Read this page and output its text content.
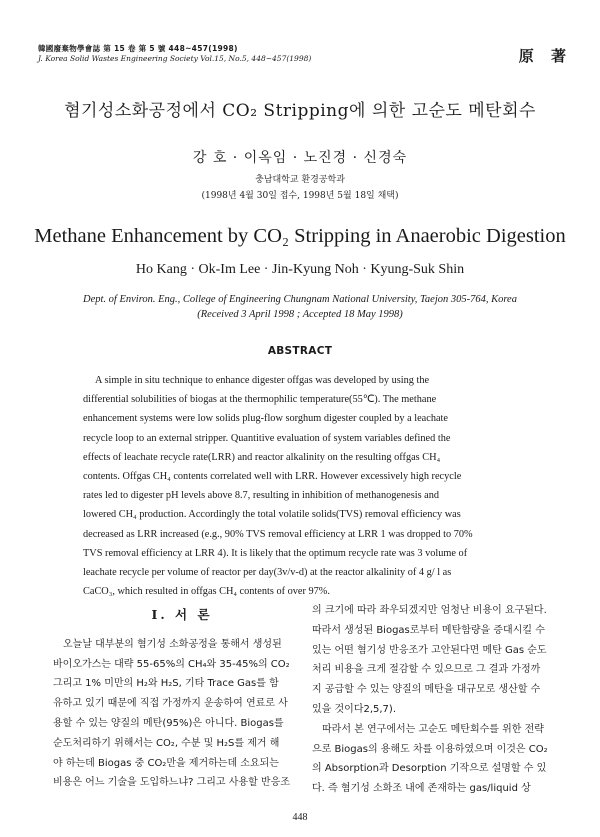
韓國廢棄物學會誌 第 15 卷 第 5 號 448~457(1998)
J. Korea Solid Wastes Engineering Society Vol.15, No.5, 448~457(1998)	原 著
혐기성소화공정에서 CO₂ Stripping에 의한 고순도 메탄회수
강 호 · 이옥임 · 노진경 · 신경숙
충남대학교 환경공학과
(1998년 4월 30일 접수, 1998년 5월 18일 채택)
Methane Enhancement by CO₂ Stripping in Anaerobic Digestion
Ho Kang · Ok-Im Lee · Jin-Kyung Noh · Kyung-Suk Shin
Dept. of Environ. Eng., College of Engineering Chungnam National University, Taejon 305-764, Korea
(Received 3 April 1998 ; Accepted 18 May 1998)
ABSTRACT
A simple in situ technique to enhance digester offgas was developed by using the
differential solubilities of biogas at the thermophilic temperature(55℃). The methane
enhancement systems were low solids plug-flow sorghum digester coupled by a leachate
recycle loop to an external stripper. Quantitive evaluation of system variables defined the
effects of leachate recycle rate(LRR) and reactor alkalinity on the resulting offgas CH₄
contents. Offgas CH₄ contents correlated well with LRR. However excessively high recycle
rates led to digester pH levels above 8.7, resulting in inhibition of methanogenesis and
lowered CH₄ production. Accordingly the total volatile solids(TVS) removal efficiency was
decreased as LRR increased (e.g., 90% TVS removal efficiency at LRR 1 was dropped to 70%
TVS removal efficiency at LRR 4). It is likely that the optimum recycle rate was 3 volume of
leachate recycle per volume of reactor per day(3v/v-d) at the reactor alkalinity of 4 g/ l as
CaCO₃, which resulted in offgas CH₄ contents of over 97%.
Ⅰ. 서 론
오늘날 대부분의 혐기성 소화공정을 통해서 생성된
바이오가스는 대략 55-65%의 CH₄와 35-45%의 CO₂
그리고 1% 미만의 H₂와 H₂S, 기타 Trace Gas를 함
유하고 있기 때문에 직접 가정까지 운송하여 연료로 사
용할 수 있는 양질의 메탄(95%)은 아니다. Biogas를
순도처리하기 위해서는 CO₂, 수분 및 H₂S를 제거 해
야 하는데 Biogas 중 CO₂만을 제거하는데 소요되는
비용은 어느 기술을 도입하느냐? 그리고 사용할 반응조
의 크기에 따라 좌우되겠지만 엄청난 비용이 요구된다.
따라서 생성된 Biogas로부터 메탄함량을 증대시킬 수
있는 어떤 혐기성 반응조가 고안된다면 메탄 Gas 순도
처리 비용을 크게 절감할 수 있으므로 그 결과 가정까
지 공급할 수 있는 양질의 메탄을 대규모로 생산할 수
있을 것이다2,5,7).
따라서 본 연구에서는 고순도 메탄회수를 위한 전략
으로 Biogas의 용해도 차를 이용하였으며 이것은 CO₂
의 Absorption과 Desorption 기작으로 설명할 수 있
다. 즉 혐기성 소화조 내에 존재하는 gas/liquid 상
448
